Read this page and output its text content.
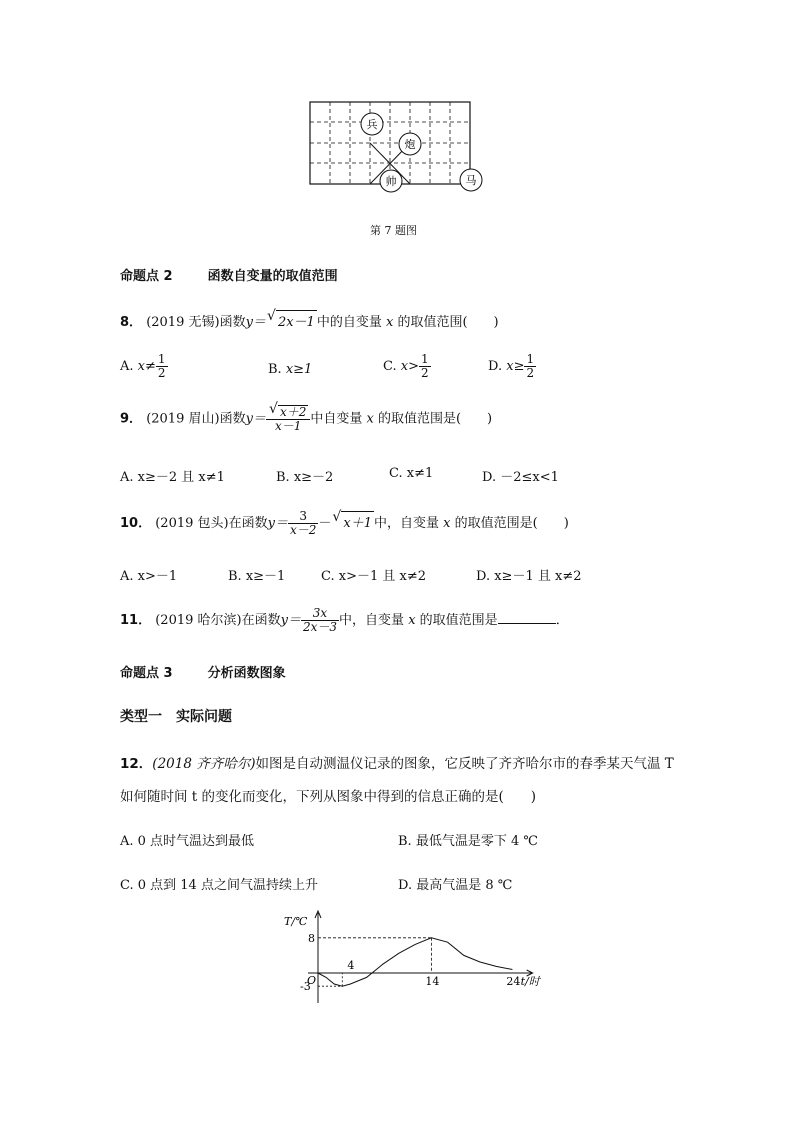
兵
炮
帅	马
第 7 题图
命题点 2	函数自变量的取值范围
8． (2019 无锡)函数y＝ √ 2x－1 中的自变量 x 的取值范围(　　)
A. $x\ne \frac{1}{2}$	B. x≥1	C. $x> \frac{1}{2}$	D. $x\ge \frac{1}{2}$
9． (2019 眉山)函数y＝ √ $\frac{x+2}{x-1}$ 中自变量 x 的取值范围是(　　)
A. x≥－2 且 x≠1	B. x≥－2	C. x≠1	D. －2≤x<1
10． (2019 包头)在函数$y= \frac{3}{x-2}$ － √ x＋1 中，自变量 x 的取值范围是(　　)
A. x>－1	B. x≥－1	C. x>－1 且 x≠2	D. x≥－1 且 x≠2
11． (2019 哈尔滨)在函数$y= \frac{3x}{2x-3}$ 中，自变量 x 的取值范围是	．
命题点 3	分析函数图象
类型一　实际问题
12．(2018 齐齐哈尔)如图是自动测温仪记录的图象，它反映了齐齐哈尔市的春季某天气温 T
如何随时间 t 的变化而变化，下列从图象中得到的信息正确的是(　　)
A. 0 点时气温达到最低	B. 最低气温是零下 4 ℃
C. 0 点到 14 点之间气温持续上升	D. 最高气温是 8 ℃
T/℃
t/时
O
4
14	24
8
-3
